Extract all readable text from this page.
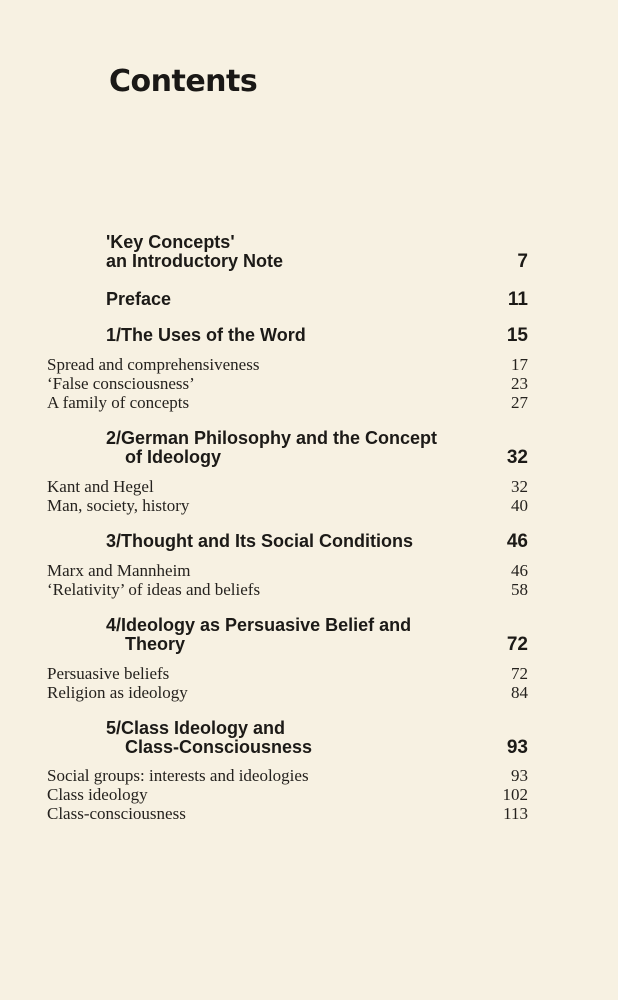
Contents
'Key Concepts'
an Introductory Note	7
Preface	11
1/The Uses of the Word	15
Spread and comprehensiveness	17
‘False consciousness’	23
A family of concepts	27
2/German Philosophy and the Concept
of Ideology	32
Kant and Hegel	32
Man, society, history	40
3/Thought and Its Social Conditions	46
Marx and Mannheim	46
‘Relativity’ of ideas and beliefs	58
4/Ideology as Persuasive Belief and
Theory	72
Persuasive beliefs	72
Religion as ideology	84
5/Class Ideology and
Class-Consciousness	93
Social groups: interests and ideologies	93
Class ideology	102
Class-consciousness	113
